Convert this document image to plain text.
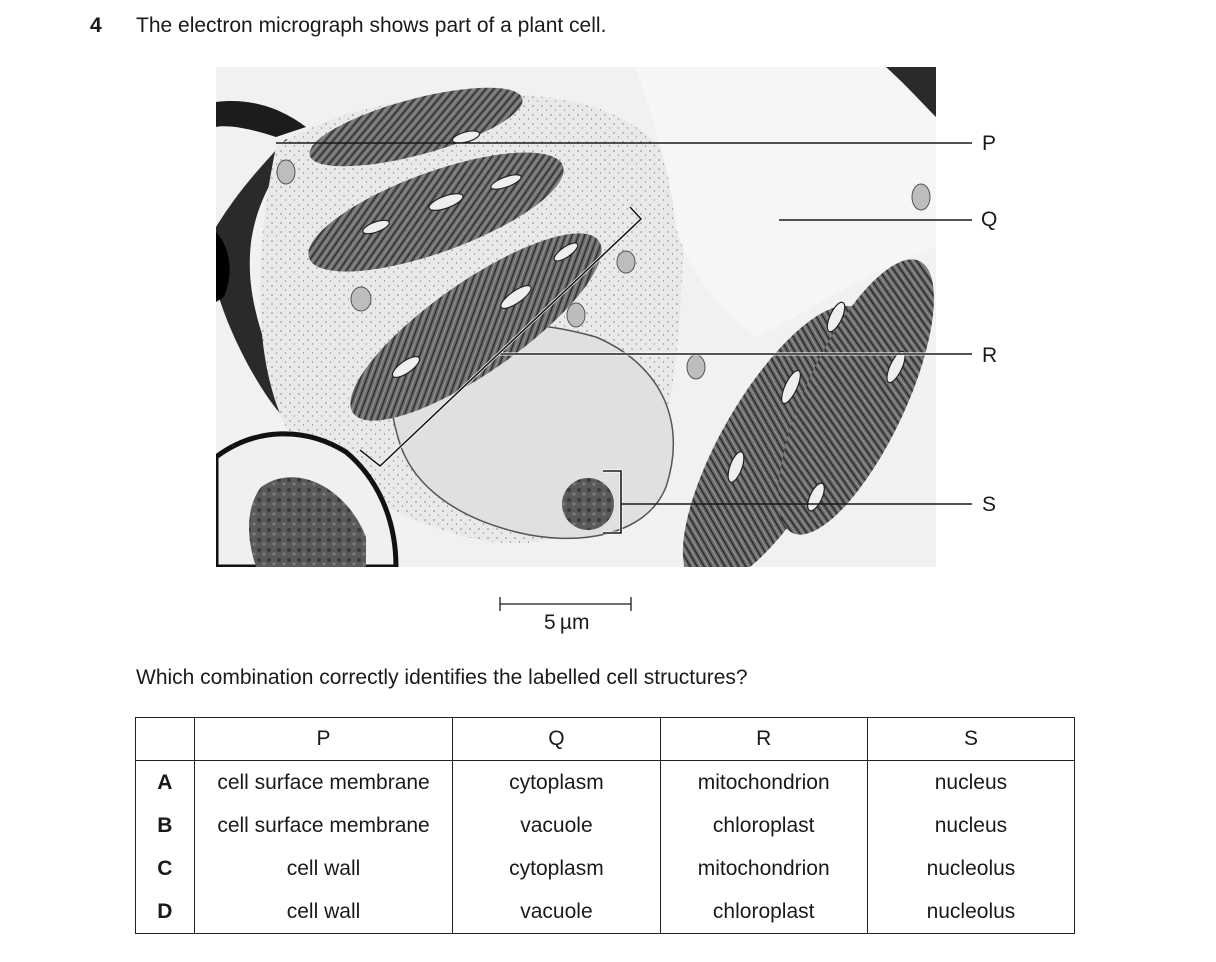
4 The electron micrograph shows part of a plant cell.
P
Q
R
S
5 µm
Which combination correctly identifies the labelled cell structures?
	P	Q	R	S
A	cell surface membrane	cytoplasm	mitochondrion	nucleus
B	cell surface membrane	vacuole	chloroplast	nucleus
C	cell wall	cytoplasm	mitochondrion	nucleolus
D	cell wall	vacuole	chloroplast	nucleolus
